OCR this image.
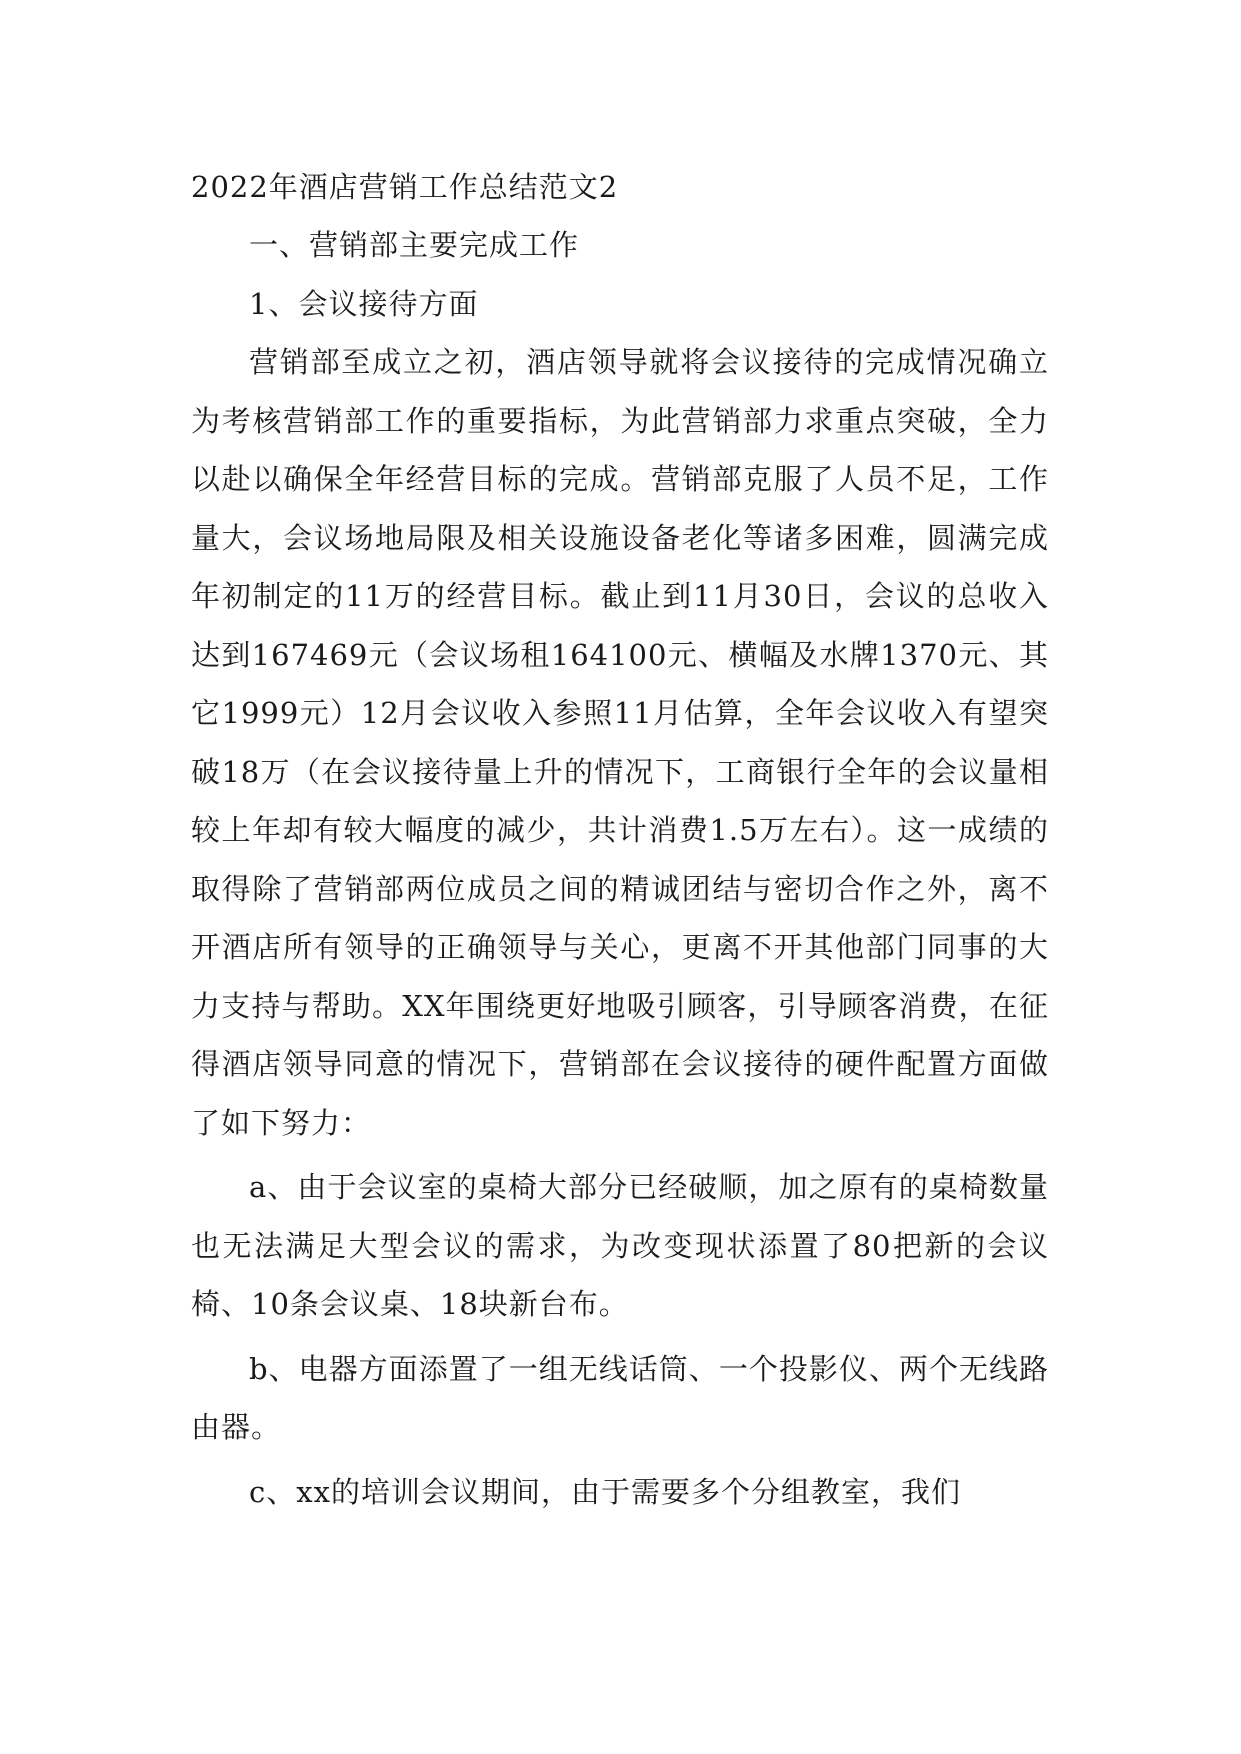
2022年酒店营销工作总结范文2

一、营销部主要完成工作

1、会议接待方面

营销部至成立之初，酒店领导就将会议接待的完成情况确立为考核营销部工作的重要指标，为此营销部力求重点突破，全力以赴以确保全年经营目标的完成。营销部克服了人员不足，工作量大，会议场地局限及相关设施设备老化等诸多困难，圆满完成年初制定的11万的经营目标。截止到11月30日，会议的总收入达到167469元（会议场租164100元、横幅及水牌1370元、其它1999元）12月会议收入参照11月估算，全年会议收入有望突破18万（在会议接待量上升的情况下，工商银行全年的会议量相较上年却有较大幅度的减少，共计消费1.5万左右）。这一成绩的取得除了营销部两位成员之间的精诚团结与密切合作之外，离不开酒店所有领导的正确领导与关心，更离不开其他部门同事的大力支持与帮助。XX年围绕更好地吸引顾客，引导顾客消费，在征得酒店领导同意的情况下，营销部在会议接待的硬件配置方面做了如下努力：

a、由于会议室的桌椅大部分已经破顺，加之原有的桌椅数量也无法满足大型会议的需求，为改变现状添置了80把新的会议椅、10条会议桌、18块新台布。

b、电器方面添置了一组无线话筒、一个投影仪、两个无线路由器。

c、xx的培训会议期间，由于需要多个分组教室，我们
